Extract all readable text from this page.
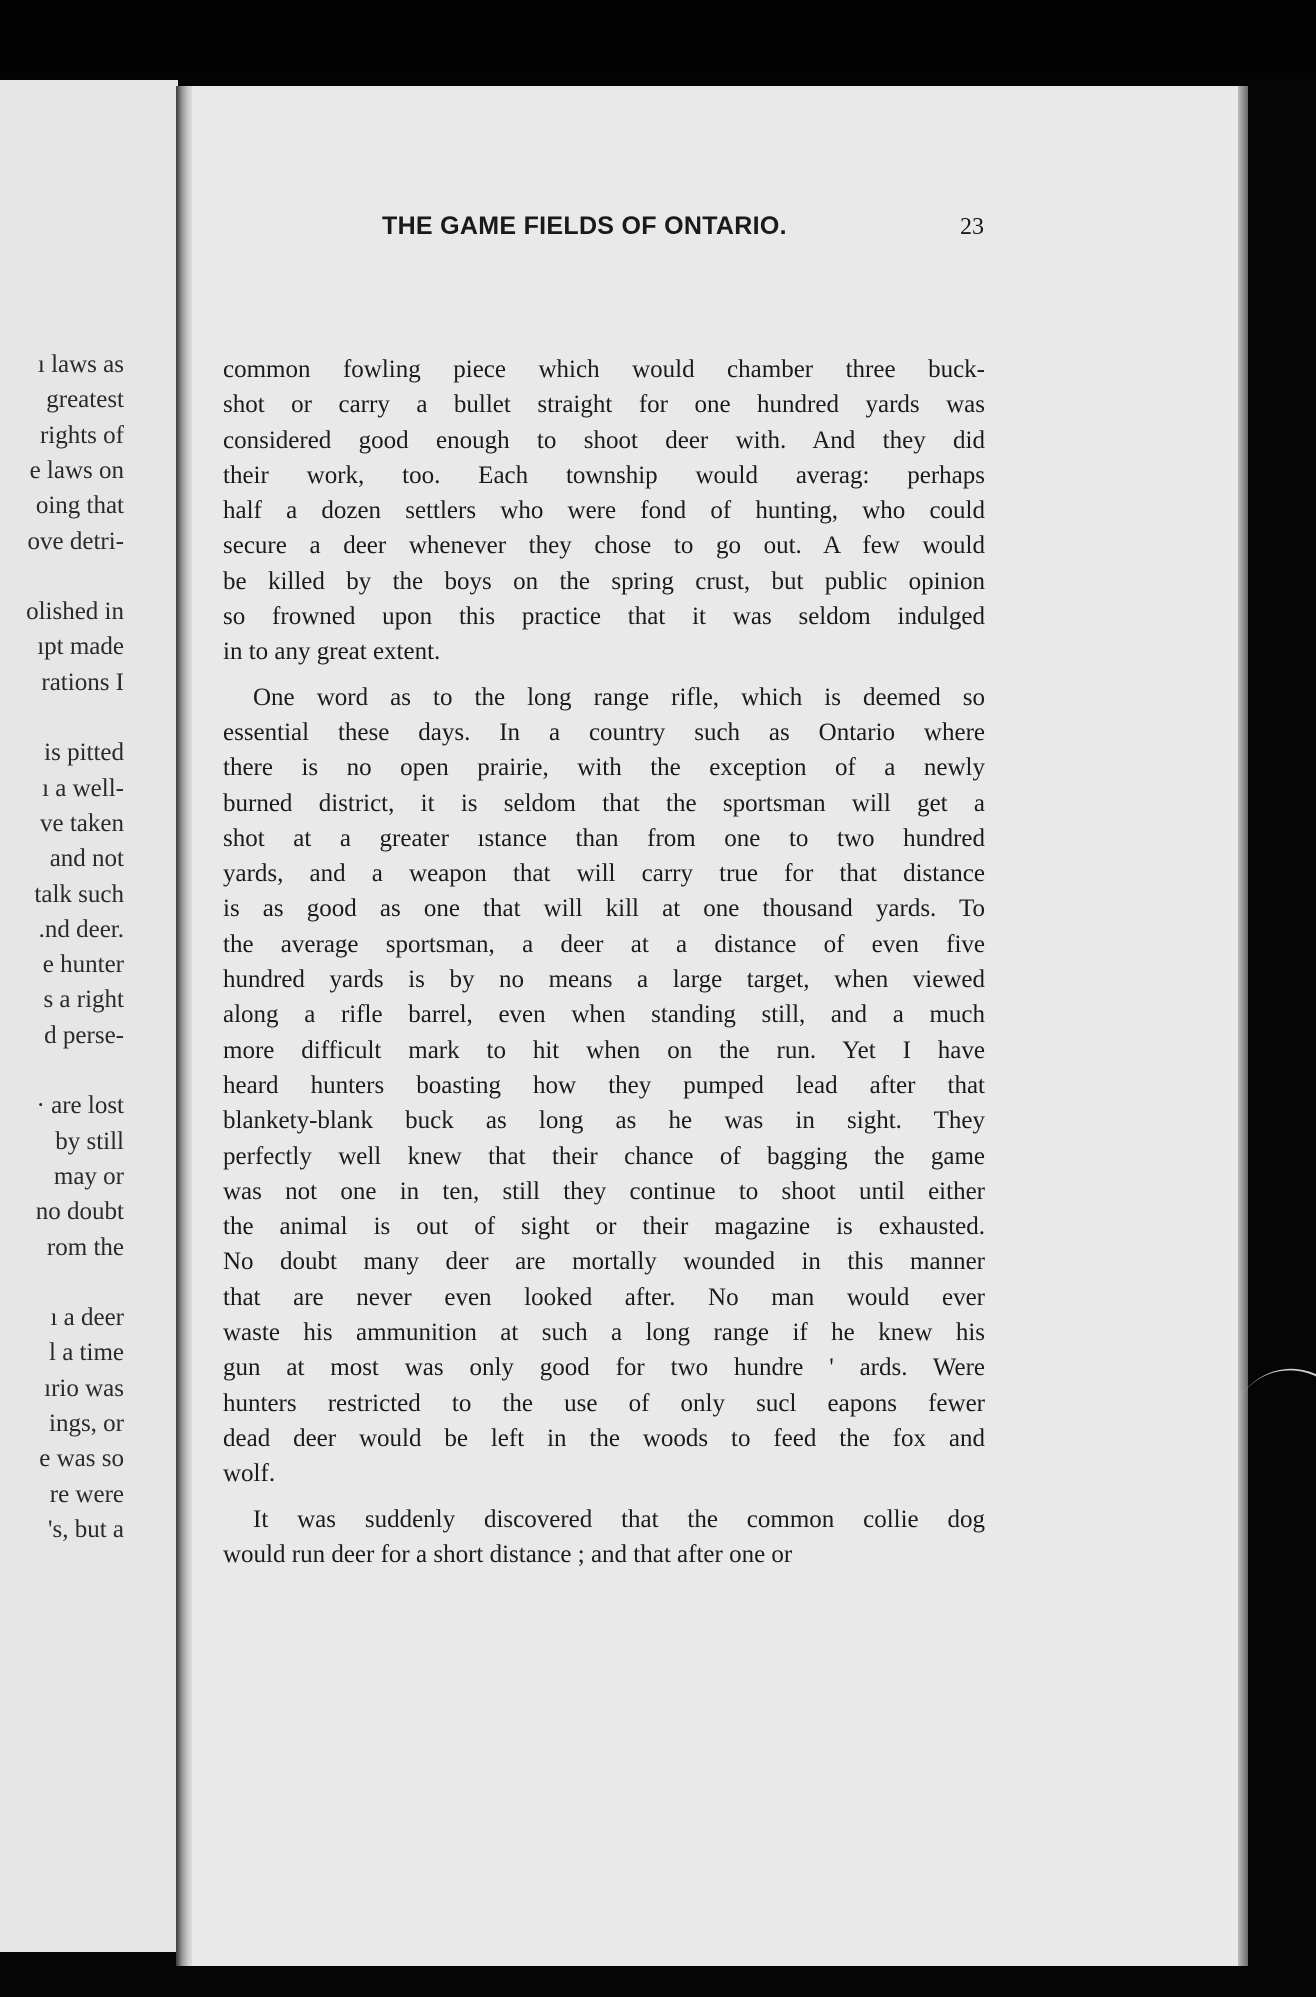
ı laws as
greatest
rights of
e laws on
oing that
ove detri-
olished in
ıpt made
rations I
is pitted
ı a well-
ve taken
and not
talk such
.nd deer.
e hunter
s a right
d perse-
· are lost
by still
may or
no doubt
rom the
ı a deer
l a time
ırio was
ings, or
e was so
re were
's, but a
THE GAME FIELDS OF ONTARIO.	23
common fowling piece which would chamber three buck-
shot or carry a bullet straight for one hundred yards was
considered good enough to shoot deer with. And they did
their work, too. Each township would averag: perhaps
half a dozen settlers who were fond of hunting, who could
secure a deer whenever they chose to go out. A few would
be killed by the boys on the spring crust, but public opinion
so frowned upon this practice that it was seldom indulged
in to any great extent.
One word as to the long range rifle, which is deemed so
essential these days. In a country such as Ontario where
there is no open prairie, with the exception of a newly
burned district, it is seldom that the sportsman will get a
shot at a greater ıstance than from one to two hundred
yards, and a weapon that will carry true for that distance
is as good as one that will kill at one thousand yards. To
the average sportsman, a deer at a distance of even five
hundred yards is by no means a large target, when viewed
along a rifle barrel, even when standing still, and a much
more difficult mark to hit when on the run. Yet I have
heard hunters boasting how they pumped lead after that
blankety-blank buck as long as he was in sight. They
perfectly well knew that their chance of bagging the game
was not one in ten, still they continue to shoot until either
the animal is out of sight or their magazine is exhausted.
No doubt many deer are mortally wounded in this manner
that are never even looked after. No man would ever
waste his ammunition at such a long range if he knew his
gun at most was only good for two hundre ' ards. Were
hunters restricted to the use of only sucl eapons fewer
dead deer would be left in the woods to feed the fox and
wolf.
It was suddenly discovered that the common collie dog
would run deer for a short distance ; and that after one or
